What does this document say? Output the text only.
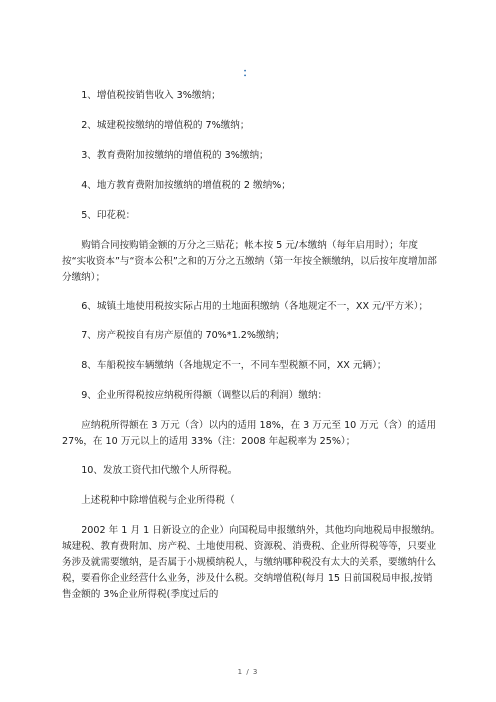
：

1、增值税按销售收入 3%缴纳；

2、城建税按缴纳的增值税的 7%缴纳；

3、教育费附加按缴纳的增值税的 3%缴纳；

4、地方教育费附加按缴纳的增值税的 2 缴纳%；

5、印花税：

购销合同按购销金额的万分之三贴花；帐本按 5 元/本缴纳（每年启用时）；年度按“实收资本”与“资本公积”之和的万分之五缴纳（第一年按全额缴纳，以后按年度增加部分缴纳）；

6、城镇土地使用税按实际占用的土地面积缴纳（各地规定不一，XX 元/平方米）；

7、房产税按自有房产原值的 70%*1.2%缴纳；

8、车船税按车辆缴纳（各地规定不一，不同车型税额不同，XX 元辆）；

9、企业所得税按应纳税所得额（调整以后的利润）缴纳：

应纳税所得额在 3 万元（含）以内的适用 18%，在 3 万元至 10 万元（含）的适用 27%，在 10 万元以上的适用 33%（注：2008 年起税率为 25%）；

10、发放工资代扣代缴个人所得税。

上述税种中除增值税与企业所得税（

2002 年 1 月 1 日新设立的企业）向国税局申报缴纳外，其他均向地税局申报缴纳。城建税、教育费附加、房产税、土地使用税、资源税、消费税、企业所得税等等，只要业务涉及就需要缴纳，是否属于小规模纳税人，与缴纳哪种税没有太大的关系，要缴纳什么税，要看你企业经营什么业务，涉及什么税。交纳增值税(每月 15 日前国税局申报,按销售金额的 3%企业所得税(季度过后的

1 / 3
